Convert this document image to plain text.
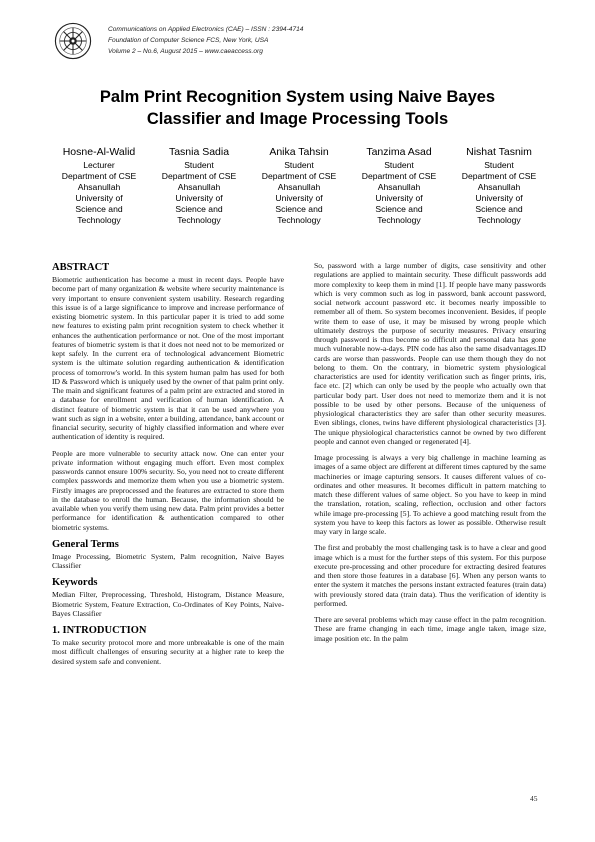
Communications on Applied Electronics (CAE) – ISSN : 2394-4714
Foundation of Computer Science FCS, New York, USA
Volume 2 – No.6, August 2015 – www.caeaccess.org
Palm Print Recognition System using Naive Bayes
Classifier and Image Processing Tools
Hosne-Al-Walid
Lecturer
Department of CSE
Ahsanullah
University of
Science and
Technology
Tasnia Sadia
Student
Department of CSE
Ahsanullah
University of
Science and
Technology
Anika Tahsin
Student
Department of CSE
Ahsanullah
University of
Science and
Technology
Tanzima Asad
Student
Department of CSE
Ahsanullah
University of
Science and
Technology
Nishat Tasnim
Student
Department of CSE
Ahsanullah
University of
Science and
Technology
ABSTRACT

Biometric authentication has become a must in recent days. People have become part of many organization & website where security maintenance is very important to ensure convenient system usability. Research regarding this issue is of a large significance to improve and increase performance of existing biometric system. In this particular paper it is tried to add some new features to existing palm print recognition system to check whether it enhances the authentication performance or not. One of the most important features of biometric system is that it does not need not to be memorized or kept safely. In the current era of technological advancement Biometric system is the ultimate solution regarding authentication & identification process of tomorrow's world. In this system human palm has used for both ID & Password which is uniquely used by the owner of that palm print only. The main and significant features of a palm print are extracted and stored in a database for enrollment and verification of human identification. A distinct feature of biometric system is that it can be used anywhere you want such as sign in a website, enter a building, attendance, bank account or financial security, security of highly classified information and where ever authentication of identity is required.

People are more vulnerable to security attack now. One can enter your private information without engaging much effort. Even most complex passwords cannot ensure 100% security. So, you need not to create different complex passwords and memorize them when you use a biometric system. Firstly images are preprocessed and the features are extracted to store them in the database to enroll the human. Because, the information should be available when you verify them using new data. Palm print provides a better performance for identification & authentication compared to other biometric systems.

General Terms

Image Processing, Biometric System, Palm recognition, Naive Bayes Classifier

Keywords

Median Filter, Preprocessing, Threshold, Histogram, Distance Measure, Biometric System, Feature Extraction, Co-Ordinates of Key Points, Naive- Bayes Classifier

1. INTRODUCTION

To make security protocol more and more unbreakable is one of the main most difficult challenges of ensuring security at a higher rate to keep the desired system safe and convenient.

So, password with a large number of digits, case sensitivity and other regulations are applied to maintain security. These difficult passwords add more complexity to keep them in mind [1]. If people have many passwords which is very common such as log in password, bank account password, social network account password etc. it becomes nearly impossible to remember all of them. So system becomes inconvenient. Besides, if people write them to ease of use, it may be misused by wrong people which ultimately destroys the purpose of security measures. Privacy ensuring through password is thus become so difficult and personal data has gone much vulnerable now-a-days. PIN code has also the same disadvantages.ID cards are worse than passwords. People can use them though they do not belong to them. On the contrary, in biometric system physiological characteristics are used for identity verification such as finger prints, iris, face etc. [2] which can only be used by the people who actually own that particular body part. User does not need to memorize them and it is not possible to be used by other persons. Because of the uniqueness of physiological characteristics they are safer than other security measures. Even siblings, clones, twins have different physiological characteristics [3]. The unique physiological characteristics cannot be owned by two different people and cannot even changed or regenerated [4].

Image processing is always a very big challenge in machine learning as images of a same object are different at different times captured by the same machineries or image capturing sensors. It causes different values of co-ordinates and other measures. It becomes difficult in pattern matching to match these different values of same object. So you have to keep in mind the translation, rotation, scaling, reflection, occlusion and other factors while image pre-processing [5]. To achieve a good matching result from the system you have to keep this factors as lower as possible. Otherwise result may vary in large scale.

The first and probably the most challenging task is to have a clear and good image which is a must for the further steps of this system. For this purpose execute pre-processing and other procedure for extracting desired features and then store those features in a database [6]. When any person wants to enter the system it matches the persons instant extracted features (train data) with previously stored data (train data). Thus the verification of identity is performed.

There are several problems which may cause effect in the palm recognition. These are frame changing in each time, image angle taken, image size, image position etc. In the palm

45
